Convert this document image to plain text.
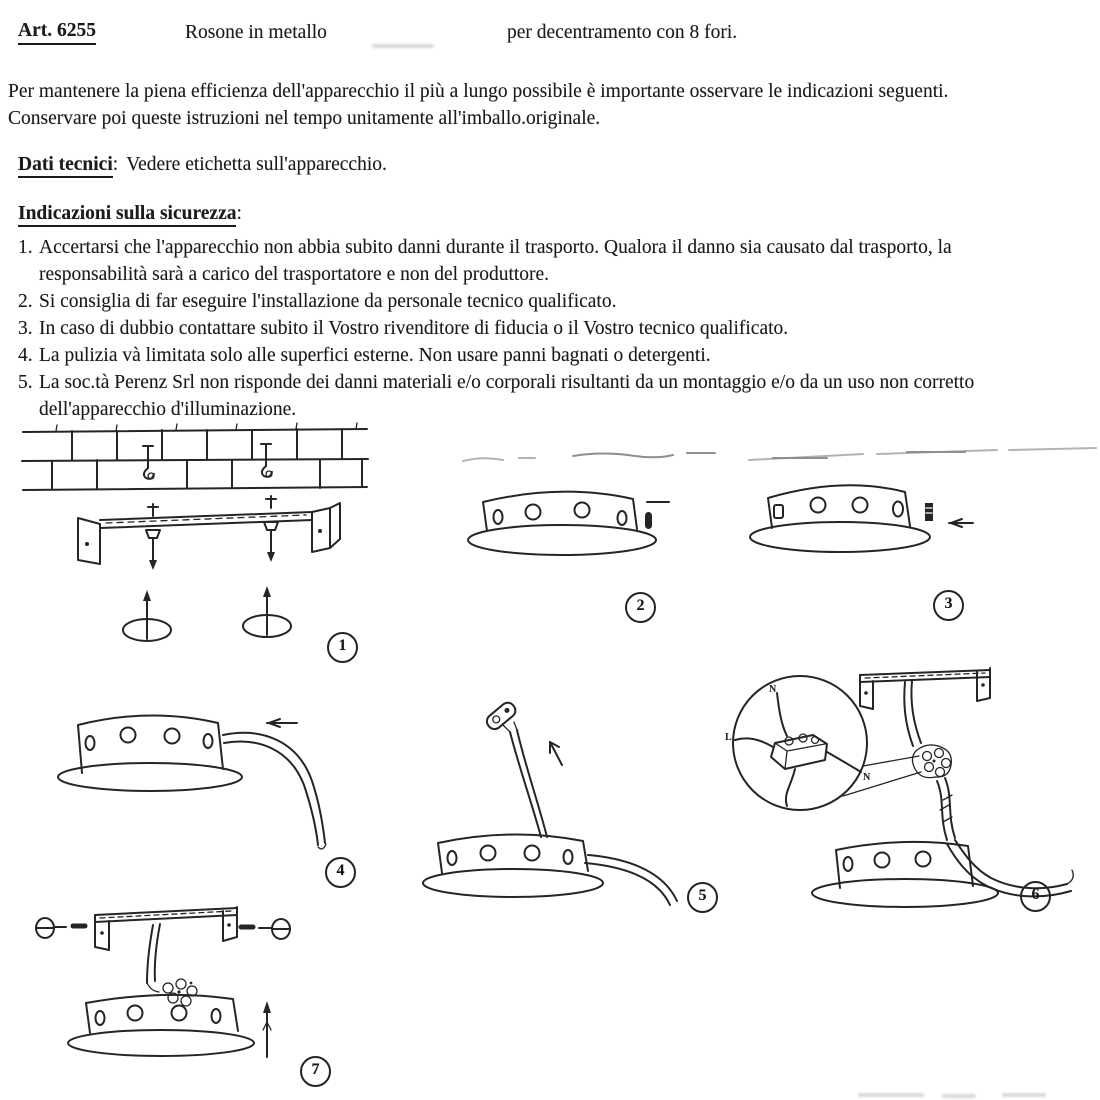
Art. 6255	Rosone in metallo	per decentramento con 8 fori.

Per mantenere la piena efficienza dell'apparecchio il più a lungo possibile è importante osservare le indicazioni seguenti. Conservare poi queste istruzioni nel tempo unitamente all'imballo.originale.

Dati tecnici: Vedere etichetta sull'apparecchio.
Indicazioni sulla sicurezza:
1. Accertarsi che l'apparecchio non abbia subito danni durante il trasporto. Qualora il danno sia causato dal trasporto, la responsabilità sarà a carico del trasportatore e non del produttore.
2. Si consiglia di far eseguire l'installazione da personale tecnico qualificato.
3. In caso di dubbio contattare subito il Vostro rivenditore di fiducia o il Vostro tecnico qualificato.
4. La pulizia và limitata solo alle superfici esterne. Non usare panni bagnati o detergenti.
5. La soc.tà Perenz Srl non risponde dei danni materiali e/o corporali risultanti da un montaggio e/o da un uso non corretto dell'apparecchio d'illuminazione.
N
L
N
1
2	3
4
5	6
7
